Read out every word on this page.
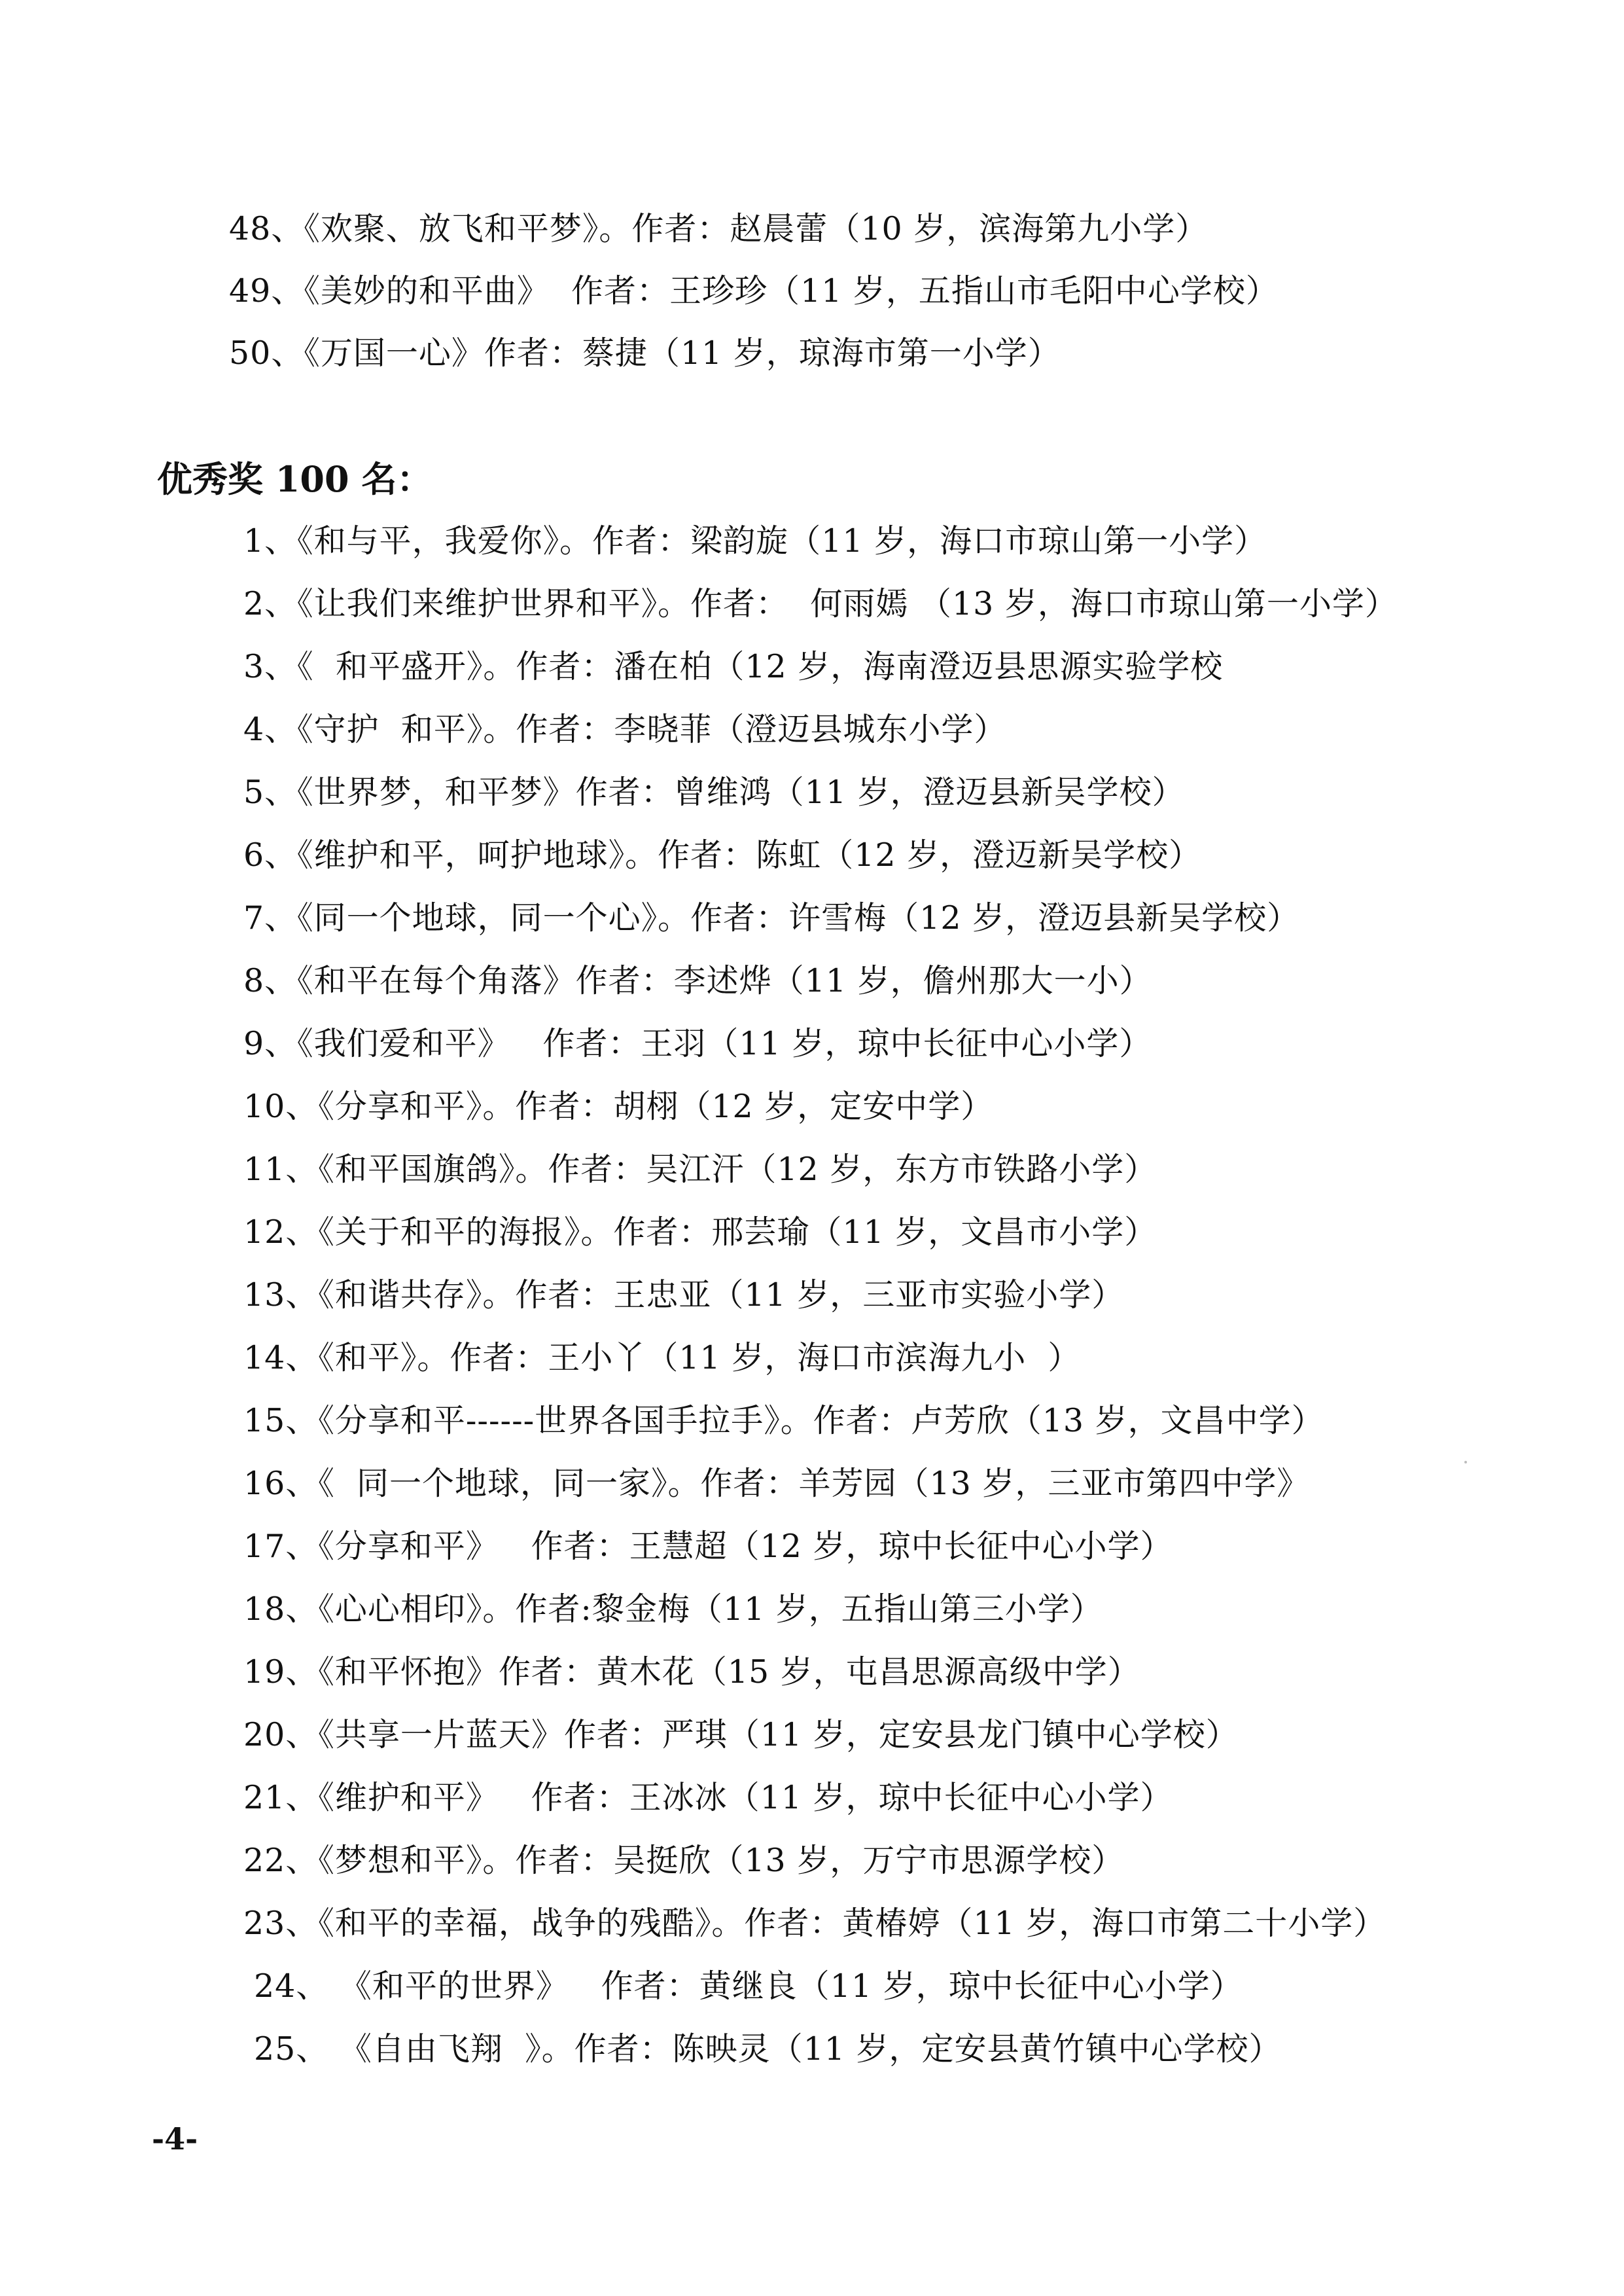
48、《欢聚、放飞和平梦》。作者：赵晨蕾（10 岁，滨海第九小学）
49、《美妙的和平曲》  作者：王珍珍（11 岁，五指山市毛阳中心学校）
50、《万国一心》作者：蔡捷（11 岁，琼海市第一小学）
优秀奖 100 名：
1、《和与平，我爱你》。作者：梁韵旋（11 岁，海口市琼山第一小学）
2、《让我们来维护世界和平》。作者：  何雨嫣 （13 岁，海口市琼山第一小学）
3、《  和平盛开》。作者：潘在柏（12 岁，海南澄迈县思源实验学校
4、《守护  和平》。作者：李晓菲（澄迈县城东小学）
5、《世界梦，和平梦》作者：曾维鸿（11 岁，澄迈县新吴学校）
6、《维护和平，呵护地球》。作者：陈虹（12 岁，澄迈新吴学校）
7、《同一个地球，同一个心》。作者：许雪梅（12 岁，澄迈县新吴学校）
8、《和平在每个角落》作者：李述烨（11 岁，儋州那大一小）
9、《我们爱和平》   作者：王羽（11 岁，琼中长征中心小学）
10、《分享和平》。作者：胡栩（12 岁，定安中学）
11、《和平国旗鸽》。作者：吴江汗（12 岁，东方市铁路小学）
12、《关于和平的海报》。作者：邢芸瑜（11 岁，文昌市小学）
13、《和谐共存》。作者：王忠亚（11 岁，三亚市实验小学）
14、《和平》。作者：王小丫（11 岁，海口市滨海九小  ）
15、《分享和平------世界各国手拉手》。作者：卢芳欣（13 岁，文昌中学）
16、《  同一个地球，同一家》。作者：羊芳园（13 岁，三亚市第四中学》
17、《分享和平》   作者：王慧超（12 岁，琼中长征中心小学）
18、《心心相印》。作者:黎金梅（11 岁，五指山第三小学）
19、《和平怀抱》作者：黄木花（15 岁，屯昌思源高级中学）
20、《共享一片蓝天》作者：严琪（11 岁，定安县龙门镇中心学校）
21、《维护和平》   作者：王冰冰（11 岁，琼中长征中心小学）
22、《梦想和平》。作者：吴挺欣（13 岁，万宁市思源学校）
23、《和平的幸福，战争的残酷》。作者：黄椿婷（11 岁，海口市第二十小学）
24、 《和平的世界》   作者：黄继良（11 岁，琼中长征中心小学）
25、 《自由飞翔  》。作者：陈映灵（11 岁，定安县黄竹镇中心学校）
-4-
